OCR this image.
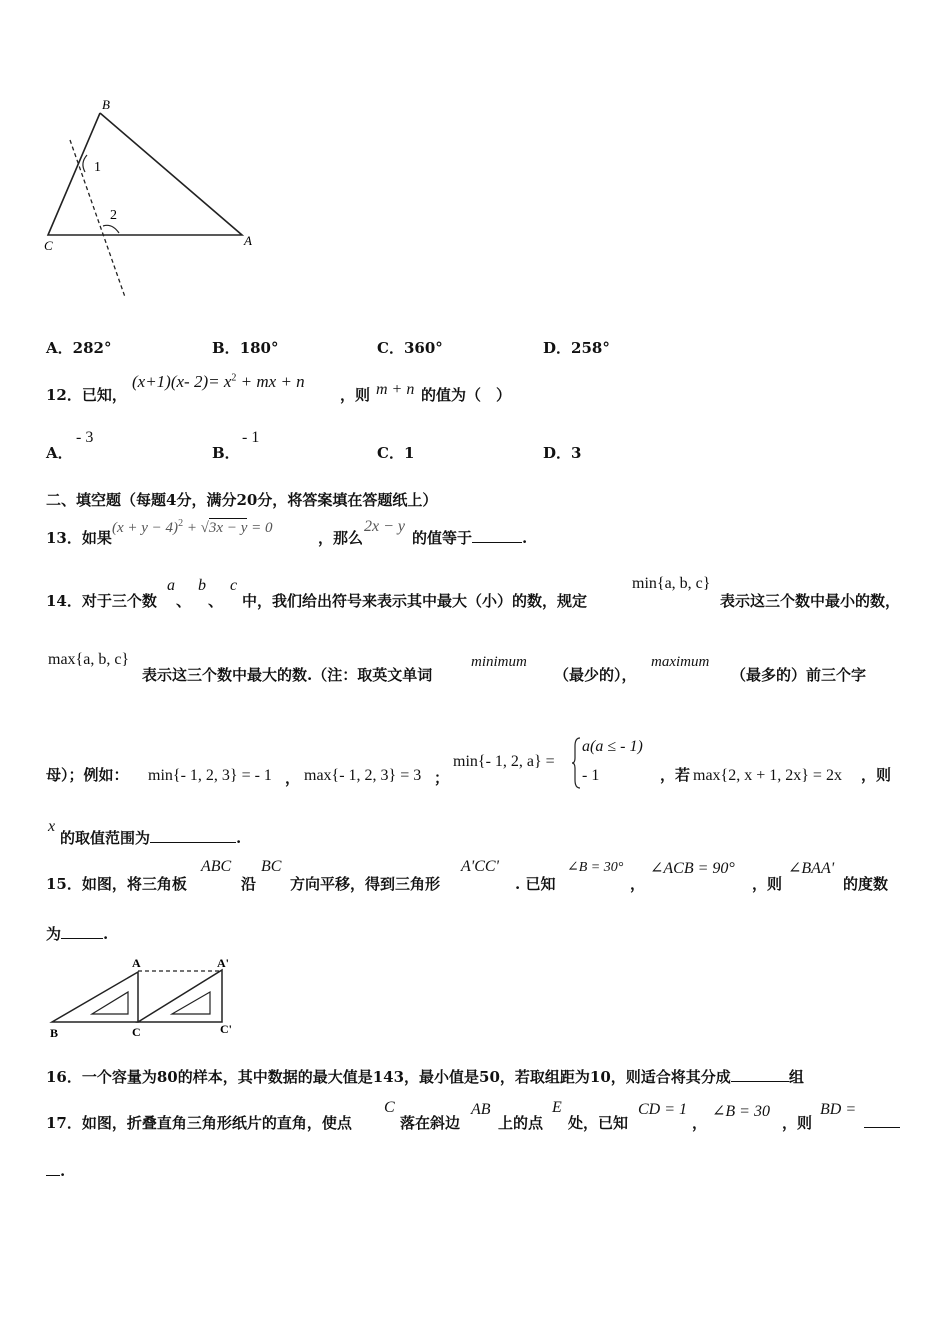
B
1
2
C	A
A．282°	B．180°	C．360°	D．258°
12．已知，
(x+1)(x- $2)= x^2$ + mx + n
，则 m + n 的值为（　）
A．
- 3
B．
- 1
C．1	D．3
二、填空题（每题4分，满分20分，将答案填在答题纸上）
13．如果
$(x + y - 4)^2 + √3x - y = 0$
，那么
2x − y
的值等于	.
14．对于三个数
a
、
b
、
c
中，我们给出符号来表示其中最大（小）的数，规定
min{a, b, c}
表示这三个数中最小的数，
max{a, b, c}
表示这三个数中最大的数.（注：取英文单词
minimum
（最少的），
maximum
（最多的）前三个字
母）；例如： min{- 1, 2, 3} = - 1 ， max{- 1, 2, 3} = 3 ；
min{- 1, 2, a} =
a(a ≤ - 1)
- 1	，若 max{2, x + 1, 2x} = 2x ，则
x
的取值范围为	.
15．如图，将三角板
ABC
沿
BC
方向平移，得到三角形
A'CC'
. 已知
∠B = 30°
，
∠ACB = 90°
，则
∠BAA'
的度数
为	.
A	A'
B	C	C'
16．一个容量为80的样本，其中数据的最大值是143，最小值是50，若取组距为10，则适合将其分成	组
17．如图，折叠直角三角形纸片的直角，使点
C
落在斜边
AB
上的点
E
处，已知
CD = 1
，
∠B = 30
，则
BD =
.
